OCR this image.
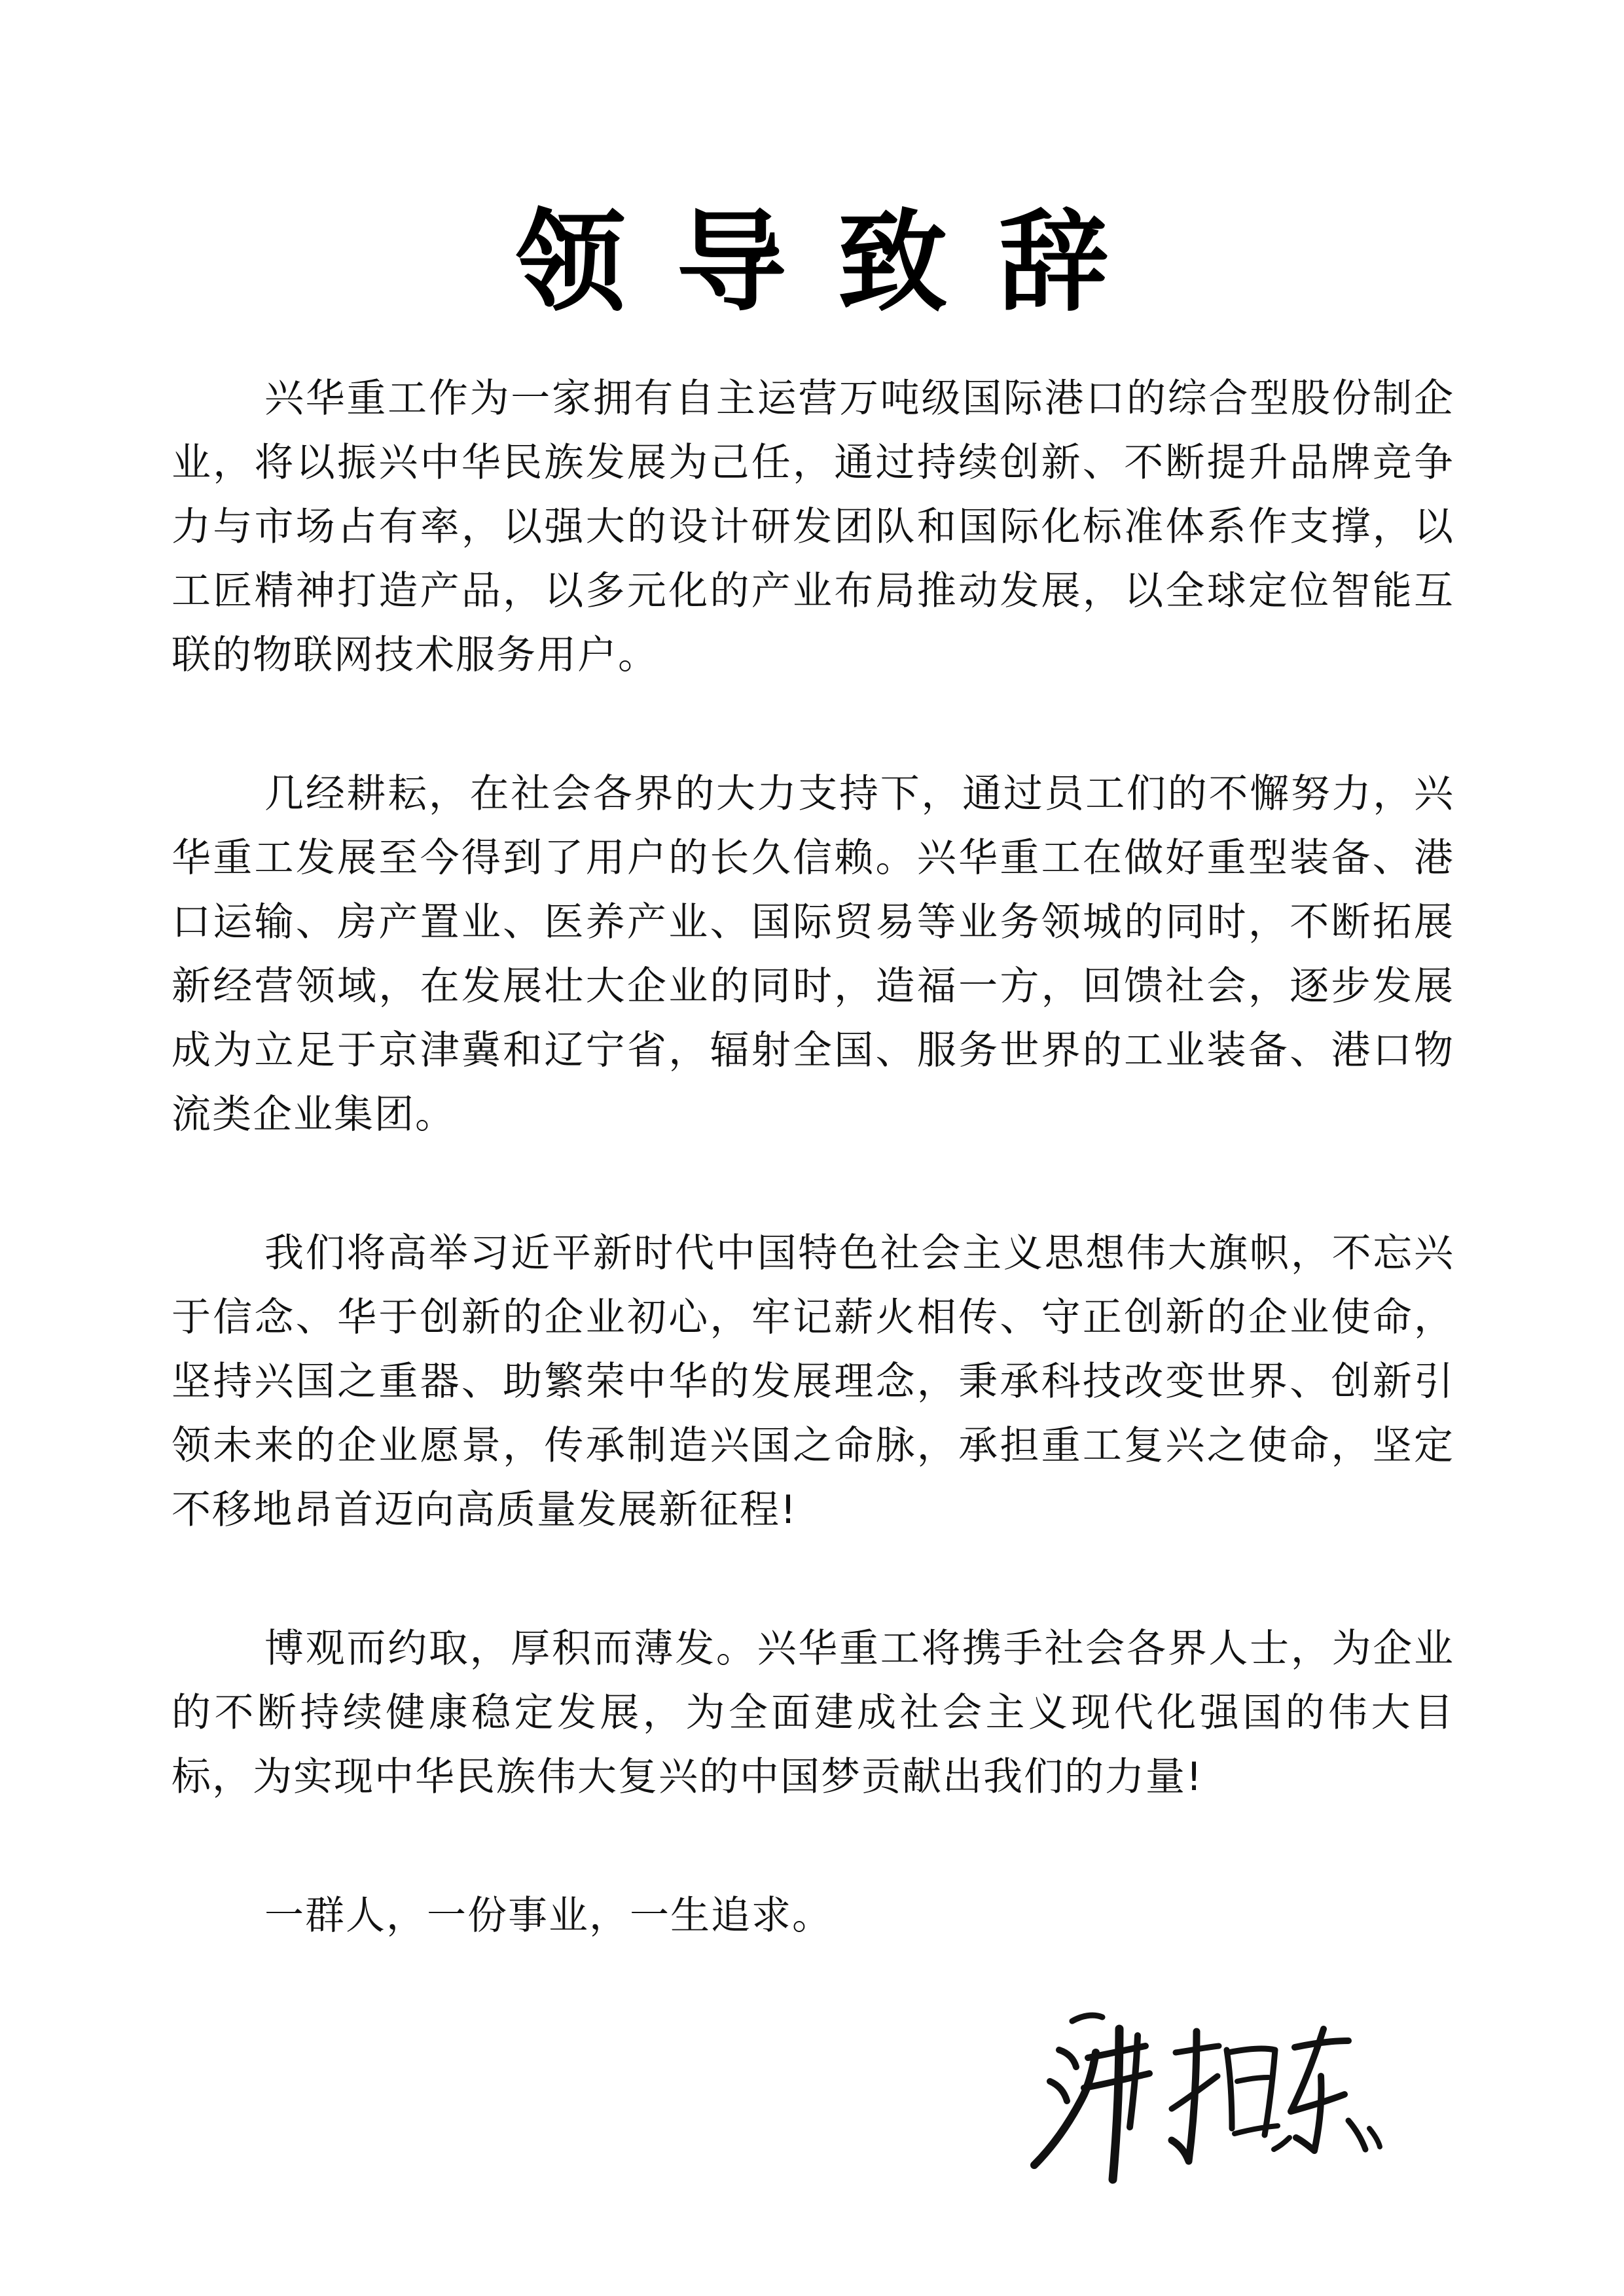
领导致辞

兴华重工作为一家拥有自主运营万吨级国际港口的综合型股份制企业，将以振兴中华民族发展为己任，通过持续创新、不断提升品牌竞争力与市场占有率，以强大的设计研发团队和国际化标准体系作支撑，以工匠精神打造产品，以多元化的产业布局推动发展，以全球定位智能互联的物联网技术服务用户。

几经耕耘，在社会各界的大力支持下，通过员工们的不懈努力，兴华重工发展至今得到了用户的长久信赖。兴华重工在做好重型装备、港口运输、房产置业、医养产业、国际贸易等业务领城的同时，不断拓展新经营领域，在发展壮大企业的同时，造福一方，回馈社会，逐步发展成为立足于京津冀和辽宁省，辐射全国、服务世界的工业装备、港口物流类企业集团。

我们将高举习近平新时代中国特色社会主义思想伟大旗帜，不忘兴于信念、华于创新的企业初心，牢记薪火相传、守正创新的企业使命，坚持兴国之重器、助繁荣中华的发展理念，秉承科技改变世界、创新引领未来的企业愿景，传承制造兴国之命脉，承担重工复兴之使命，坚定不移地昂首迈向高质量发展新征程!

博观而约取，厚积而薄发。兴华重工将携手社会各界人士，为企业的不断持续健康稳定发展，为全面建成社会主义现代化强国的伟大目标，为实现中华民族伟大复兴的中国梦贡献出我们的力量!

一群人，一份事业，一生追求。
